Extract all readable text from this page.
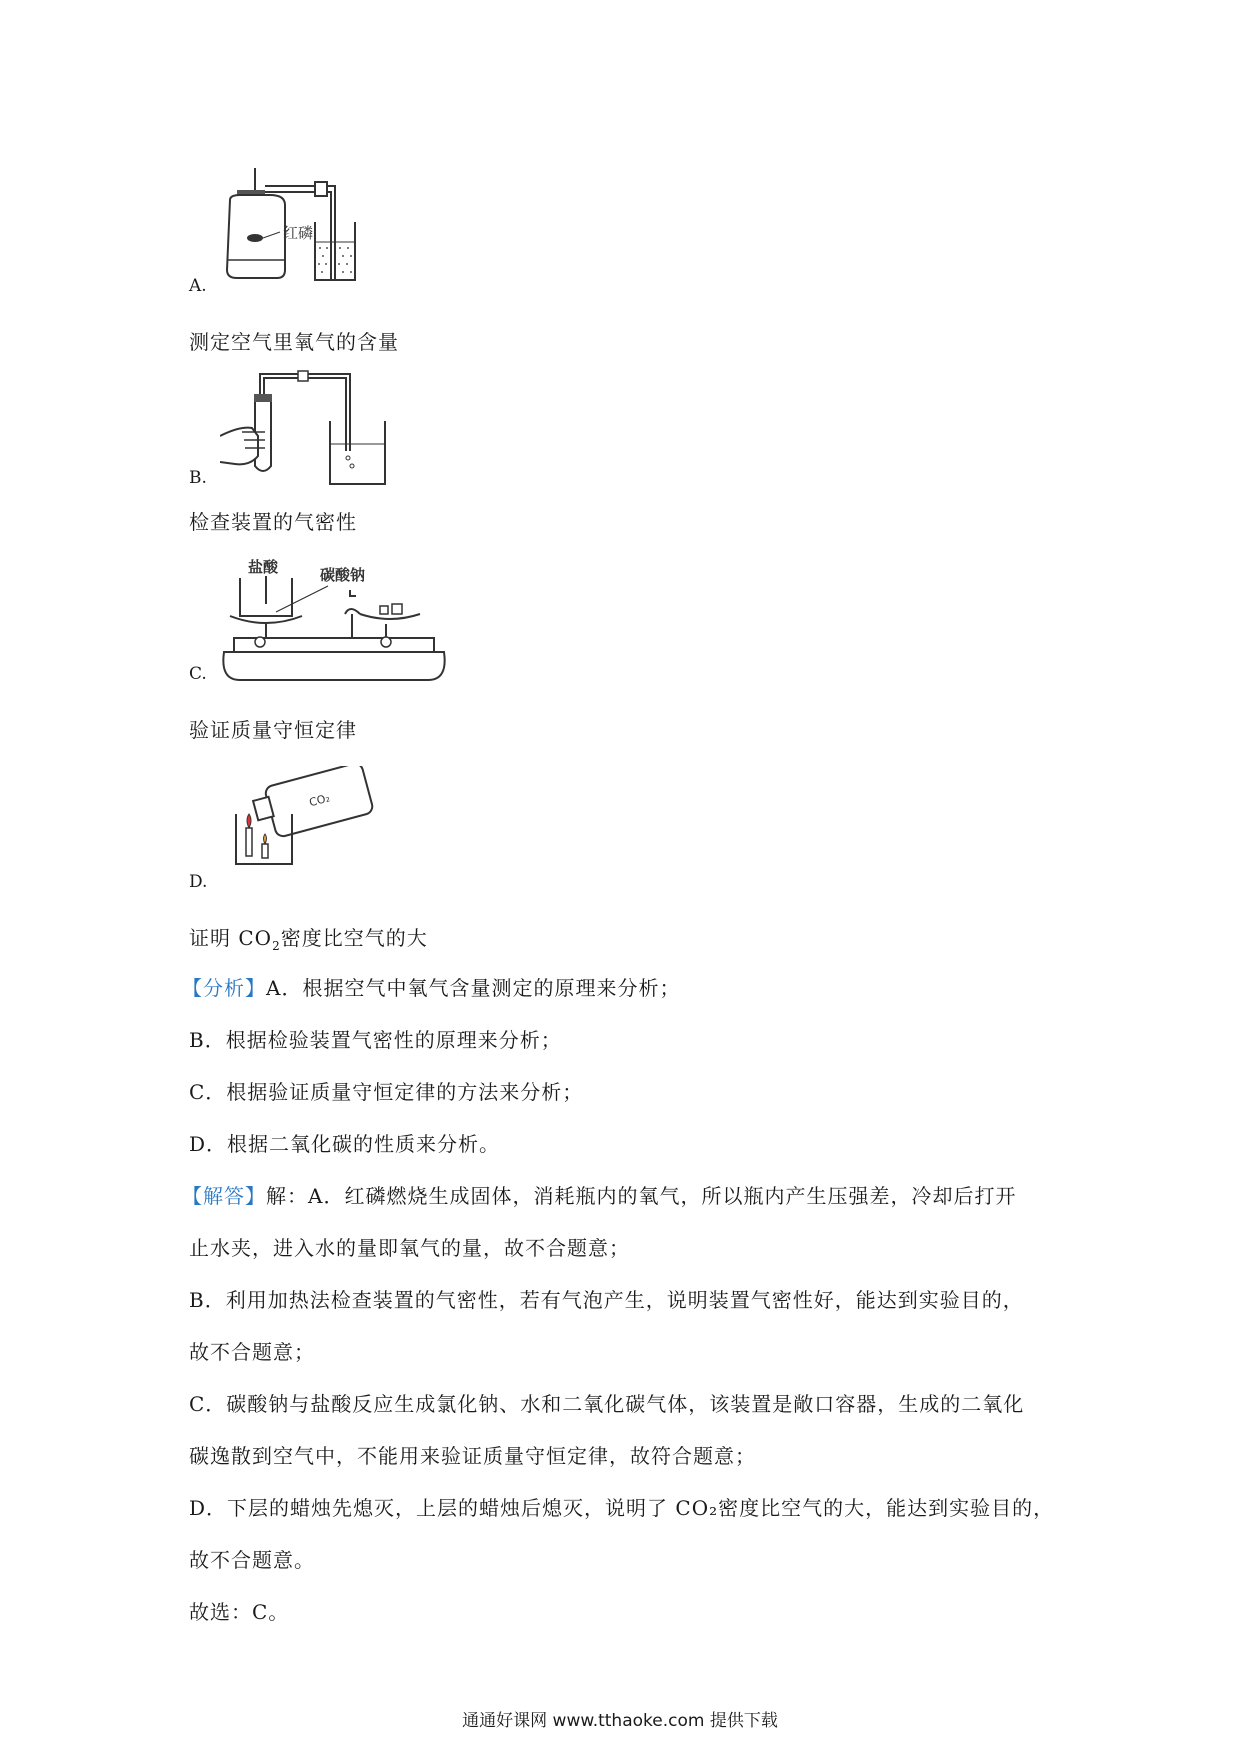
红磷
A.
测定空气里氧气的含量
B.
检查装置的气密性
盐酸	碳酸钠
C.
验证质量守恒定律
CO₂
D.
证明 $CO_2$密度比空气的大
【分析】A．根据空气中氧气含量测定的原理来分析；
B．根据检验装置气密性的原理来分析；
C．根据验证质量守恒定律的方法来分析；
D．根据二氧化碳的性质来分析。
【解答】解：A．红磷燃烧生成固体，消耗瓶内的氧气，所以瓶内产生压强差，冷却后打开
止水夹，进入水的量即氧气的量，故不合题意；
B．利用加热法检查装置的气密性，若有气泡产生，说明装置气密性好，能达到实验目的，
故不合题意；
C．碳酸钠与盐酸反应生成氯化钠、水和二氧化碳气体，该装置是敞口容器，生成的二氧化
碳逸散到空气中，不能用来验证质量守恒定律，故符合题意；
D．下层的蜡烛先熄灭，上层的蜡烛后熄灭，说明了 CO₂密度比空气的大，能达到实验目的，
故不合题意。
故选：C。
通通好课网 www.tthaoke.com 提供下载
